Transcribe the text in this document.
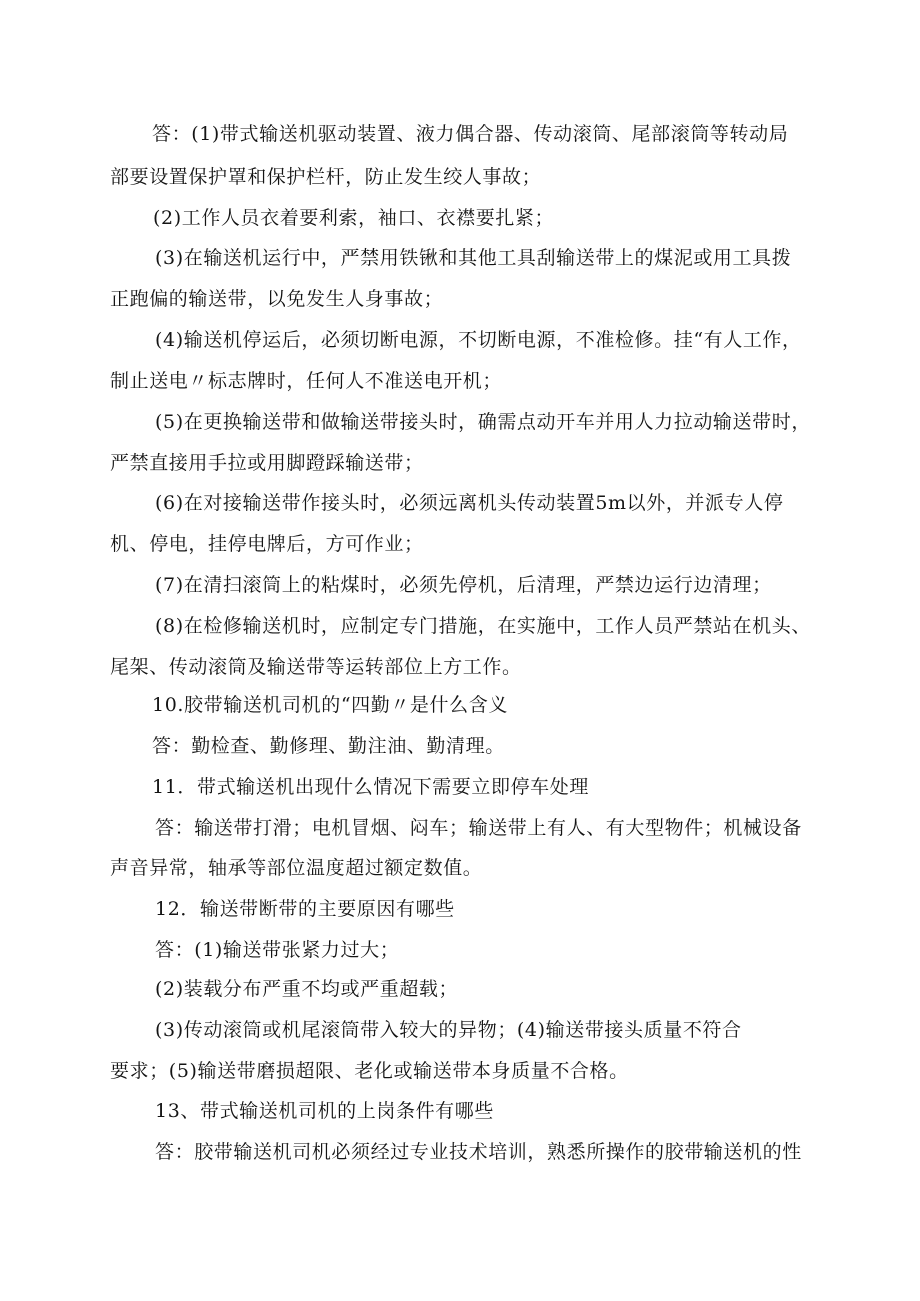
答：(1)带式输送机驱动装置、液力偶合器、传动滚筒、尾部滚筒等转动局
部要设置保护罩和保护栏杆，防止发生绞人事故；
(2)工作人员衣着要利索，袖口、衣襟要扎紧；
(3)在输送机运行中，严禁用铁锹和其他工具刮输送带上的煤泥或用工具拨
正跑偏的输送带，以免发生人身事故；
(4)输送机停运后，必须切断电源，不切断电源，不准检修。挂“有人工作，
制止送电〃标志牌时，任何人不准送电开机；
(5)在更换输送带和做输送带接头时，确需点动开车并用人力拉动输送带时，
严禁直接用手拉或用脚蹬踩输送带；
(6)在对接输送带作接头时，必须远离机头传动装置5m以外，并派专人停
机、停电，挂停电牌后，方可作业；
(7)在清扫滚筒上的粘煤时，必须先停机，后清理，严禁边运行边清理；
(8)在检修输送机时，应制定专门措施，在实施中，工作人员严禁站在机头、
尾架、传动滚筒及输送带等运转部位上方工作。
10.胶带输送机司机的“四勤〃是什么含义
答：勤检查、勤修理、勤注油、勤清理。
11．带式输送机出现什么情况下需要立即停车处理
答：输送带打滑；电机冒烟、闷车；输送带上有人、有大型物件；机械设备
声音异常，轴承等部位温度超过额定数值。
12．输送带断带的主要原因有哪些
答：(1)输送带张紧力过大；
(2)装载分布严重不均或严重超载；
(3)传动滚筒或机尾滚筒带入较大的异物；(4)输送带接头质量不符合
要求；(5)输送带磨损超限、老化或输送带本身质量不合格。
13、带式输送机司机的上岗条件有哪些
答：胶带输送机司机必须经过专业技术培训，熟悉所操作的胶带输送机的性
